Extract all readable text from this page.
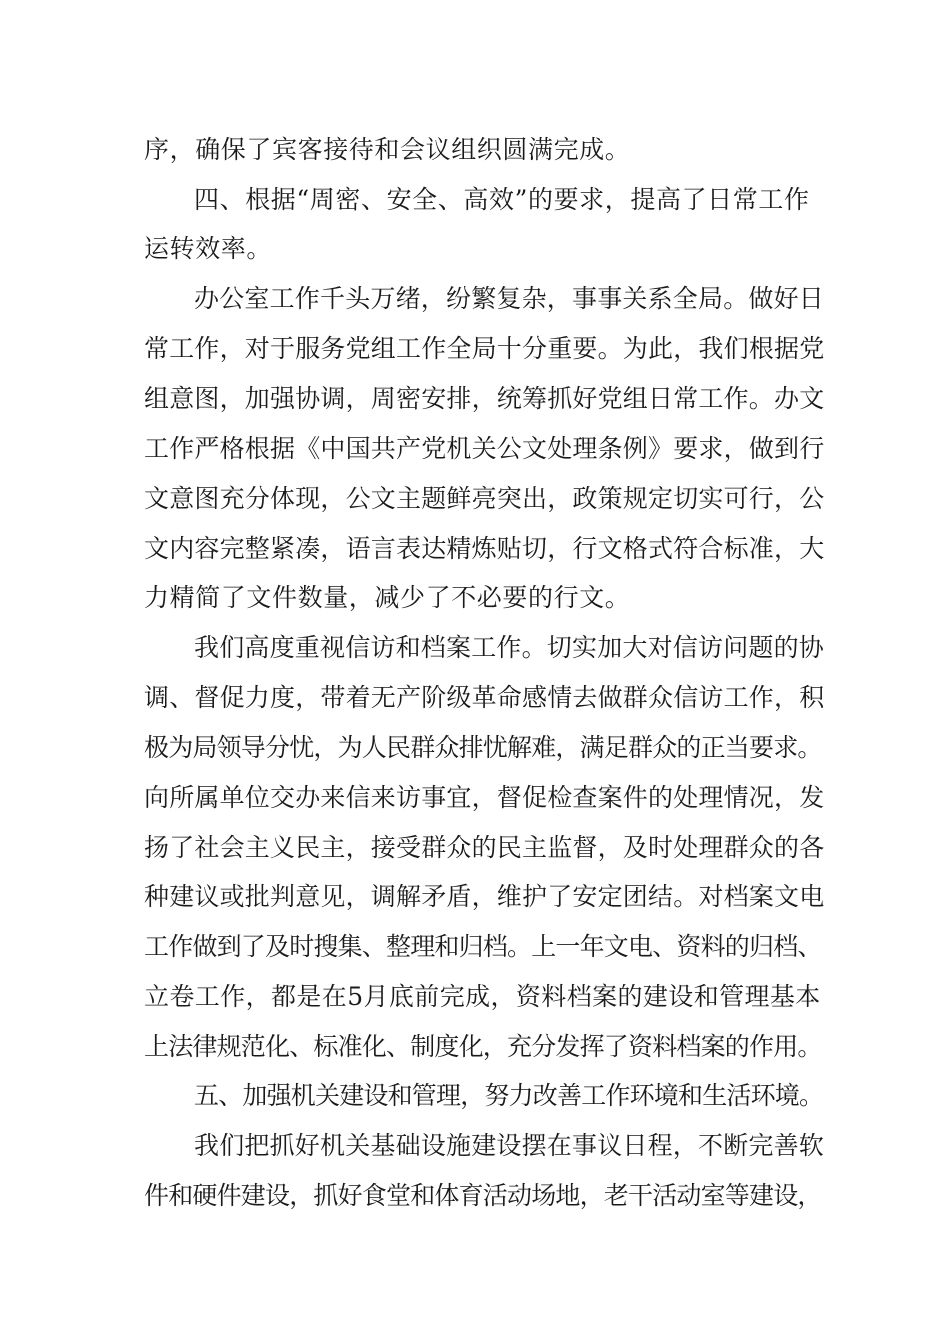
序，确保了宾客接待和会议组织圆满完成。
四、根据“周密、安全、高效”的要求，提高了日常工作
运转效率。
办公室工作千头万绪，纷繁复杂，事事关系全局。做好日
常工作，对于服务党组工作全局十分重要。为此，我们根据党
组意图，加强协调，周密安排，统筹抓好党组日常工作。办文
工作严格根据《中国共产党机关公文处理条例》要求，做到行
文意图充分体现，公文主题鲜亮突出，政策规定切实可行，公
文内容完整紧凑，语言表达精炼贴切，行文格式符合标准，大
力精简了文件数量，减少了不必要的行文。
我们高度重视信访和档案工作。切实加大对信访问题的协
调、督促力度，带着无产阶级革命感情去做群众信访工作，积
极为局领导分忧，为人民群众排忧解难，满足群众的正当要求。
向所属单位交办来信来访事宜，督促检查案件的处理情况，发
扬了社会主义民主，接受群众的民主监督，及时处理群众的各
种建议或批判意见，调解矛盾，维护了安定团结。对档案文电
工作做到了及时搜集、整理和归档。上一年文电、资料的归档、
立卷工作，都是在5月底前完成，资料档案的建设和管理基本
上法律规范化、标准化、制度化，充分发挥了资料档案的作用。
五、加强机关建设和管理，努力改善工作环境和生活环境。
我们把抓好机关基础设施建设摆在事议日程，不断完善软
件和硬件建设，抓好食堂和体育活动场地，老干活动室等建设，
